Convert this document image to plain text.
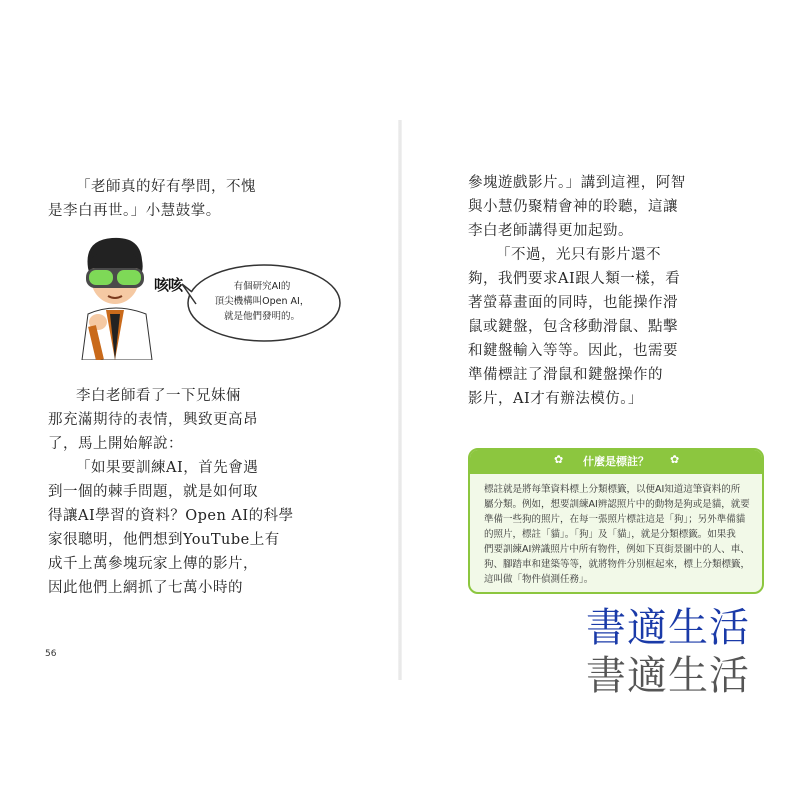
「老師真的好有學問，不愧
是李白再世。」小慧鼓掌。
咳咳	有個研究AI的
頂尖機構叫Open AI，
就是他們發明的。
李白老師看了一下兄妹倆
那充滿期待的表情，興致更高昂
了，馬上開始解說：
「如果要訓練AI，首先會遇
到一個的棘手問題，就是如何取
得讓AI學習的資料？Open AI的科學
家很聰明，他們想到YouTube上有
成千上萬參塊玩家上傳的影片，
因此他們上網抓了七萬小時的
56
參塊遊戲影片。」講到這裡，阿智
與小慧仍聚精會神的聆聽，這讓
李白老師講得更加起勁。
「不過，光只有影片還不
夠，我們要求AI跟人類一樣，看
著螢幕畫面的同時，也能操作滑
鼠或鍵盤，包含移動滑鼠、點擊
和鍵盤輸入等等。因此，也需要
準備標註了滑鼠和鍵盤操作的
影片，AI才有辦法模仿。」
✿	什麼是標註？	✿

標註就是將每筆資料標上分類標籤，以便AI知道這筆資料的所

屬分類。例如，想要訓練AI辨認照片中的動物是狗或是貓，就要

準備一些狗的照片，在每一張照片標註這是「狗」；另外準備貓

的照片，標註「貓」。「狗」及「貓」，就是分類標籤。如果我

們要訓練AI辨識照片中所有物件，例如下頁街景圖中的人、車、

狗、腳踏車和建築等等，就將物件分別框起來，標上分類標籤，

這叫做「物件偵測任務」。

書適生活
書適生活
